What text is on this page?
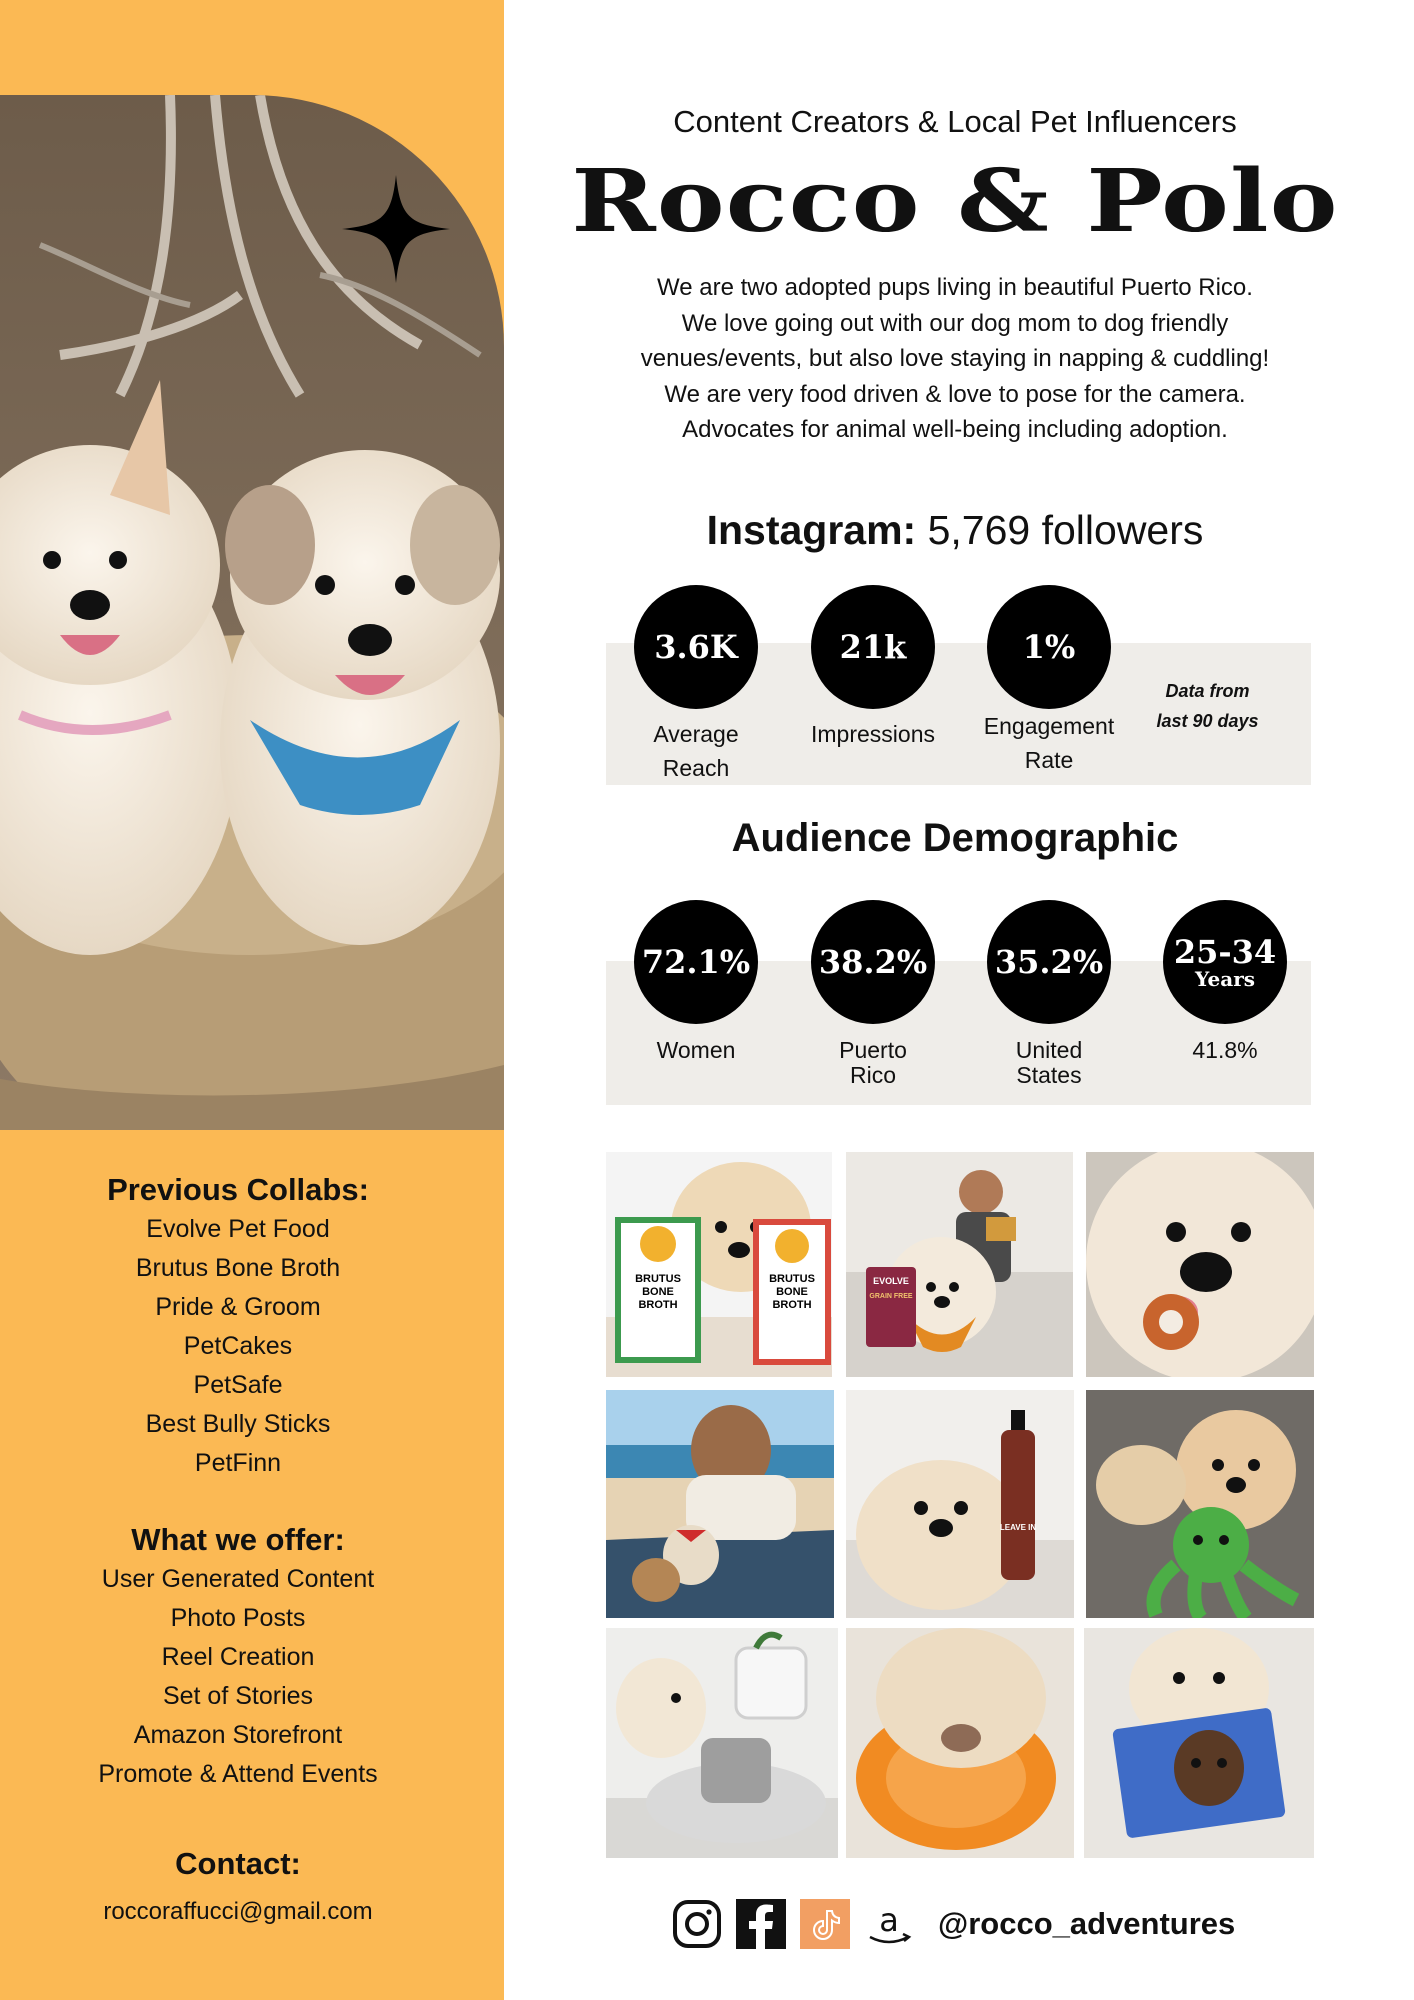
Previous Collabs:
Evolve Pet Food
Brutus Bone Broth
Pride & Groom
PetCakes
PetSafe
Best Bully Sticks
PetFinn
What we offer:
User Generated Content
Photo Posts
Reel Creation
Set of Stories
Amazon Storefront
Promote & Attend Events
Contact:
roccoraffucci@gmail.com
Content Creators & Local Pet Influencers
Rocco & Polo
We are two adopted pups living in beautiful Puerto Rico.
We love going out with our dog mom to dog friendly
venues/events, but also love staying in napping & cuddling!
We are very food driven & love to pose for the camera.
Advocates for animal well-being including adoption.
Instagram: 5,769 followers
3.6K
Average
Reach
21k
Impressions
1%
Engagement
Rate
Data from
last 90 days
Audience Demographic
72.1%
Women
38.2%
Puerto
Rico
35.2%
United
States
25-34
Years
41.8%
BRUTUS
BONE
BROTH
BRUTUS
BONE
BROTH
EVOLVE
GRAIN FREE
LEAVE IN
a @rocco_adventures
